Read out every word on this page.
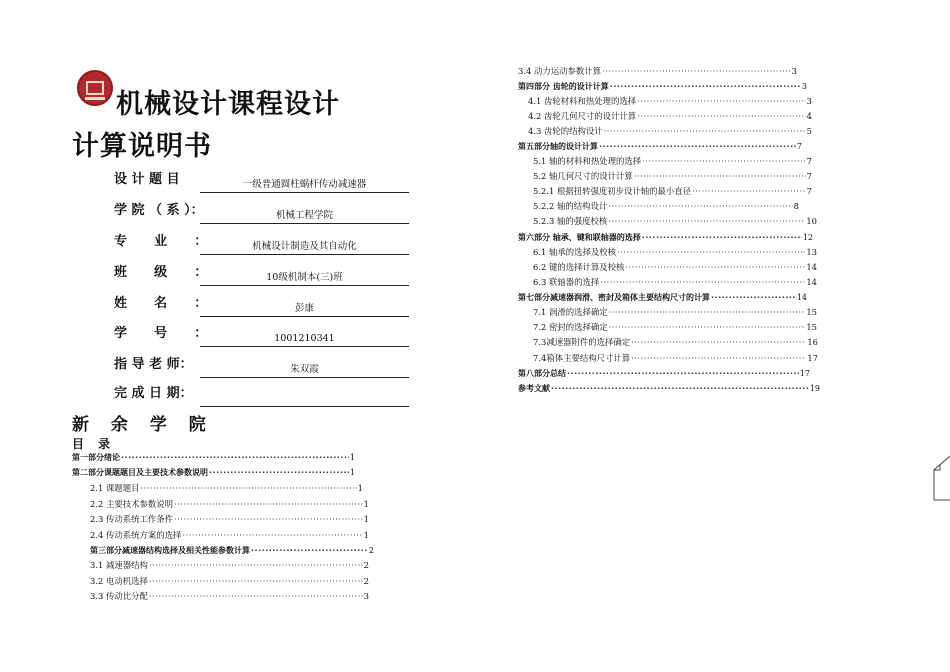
机械设计课程设计
计算说明书
设 计 题 目	一级普通圆柱蜗杆传动减速器
学 院 （ 系 ）：	机械工程学院
专      业      ：	机械设计制造及其自动化
班      级      ：	10级机制本(三)班
姓      名      ：	彭康
学      号      ：	1001210341
指 导 老 师：	朱双霞
完 成 日 期：
新 余 学 院
目 录
第一部分绪论 ·····	1
第二部分课题题目及主要技术参数说明 ·····	1
2.1 课题题目 ·····	1
2.2 主要技术参数说明 ·····	1
2.3 传动系统工作条件 ·····	1
2.4 传动系统方案的选择 ·····	1
第三部分减速器结构选择及相关性能参数计算 ·····	2
3.1 减速器结构 ·····	2
3.2 电动机选择 ·····	2
3.3 传动比分配 ·····	3
3.4 动力运动参数计算 ·····	3
第四部分 齿轮的设计计算 ·····	3
4.1 齿轮材料和热处理的选择 ·····	3
4.2 齿轮几何尺寸的设计计算 ·····	4
4.3 齿轮的结构设计 ·····	5
第五部分轴的设计计算 ·····	7
5.1 轴的材料和热处理的选择 ·····	7
5.2 轴几何尺寸的设计计算 ·····	7
5.2.1 根据扭转强度初步设计轴的最小直径 ·····	7
5.2.2 轴的结构设计 ·····	8
5.2.3 轴的强度校核 ·····	10
第六部分 轴承、键和联轴器的选择 ·····	12
6.1 轴承的选择及校核 ·····	13
6.2 键的选择计算及校核 ·····	14
6.3 联轴器的选择 ·····	14
第七部分减速器润滑、密封及箱体主要结构尺寸的计算 ·····	14
7.1 润滑的选择确定 ·····	15
7.2 密封的选择确定 ·····	15
7.3减速器附件的选择确定 ·····	16
7.4箱体主要结构尺寸计算 ·····	17
第八部分总结 ·····	17
参考文献 ·····	19
